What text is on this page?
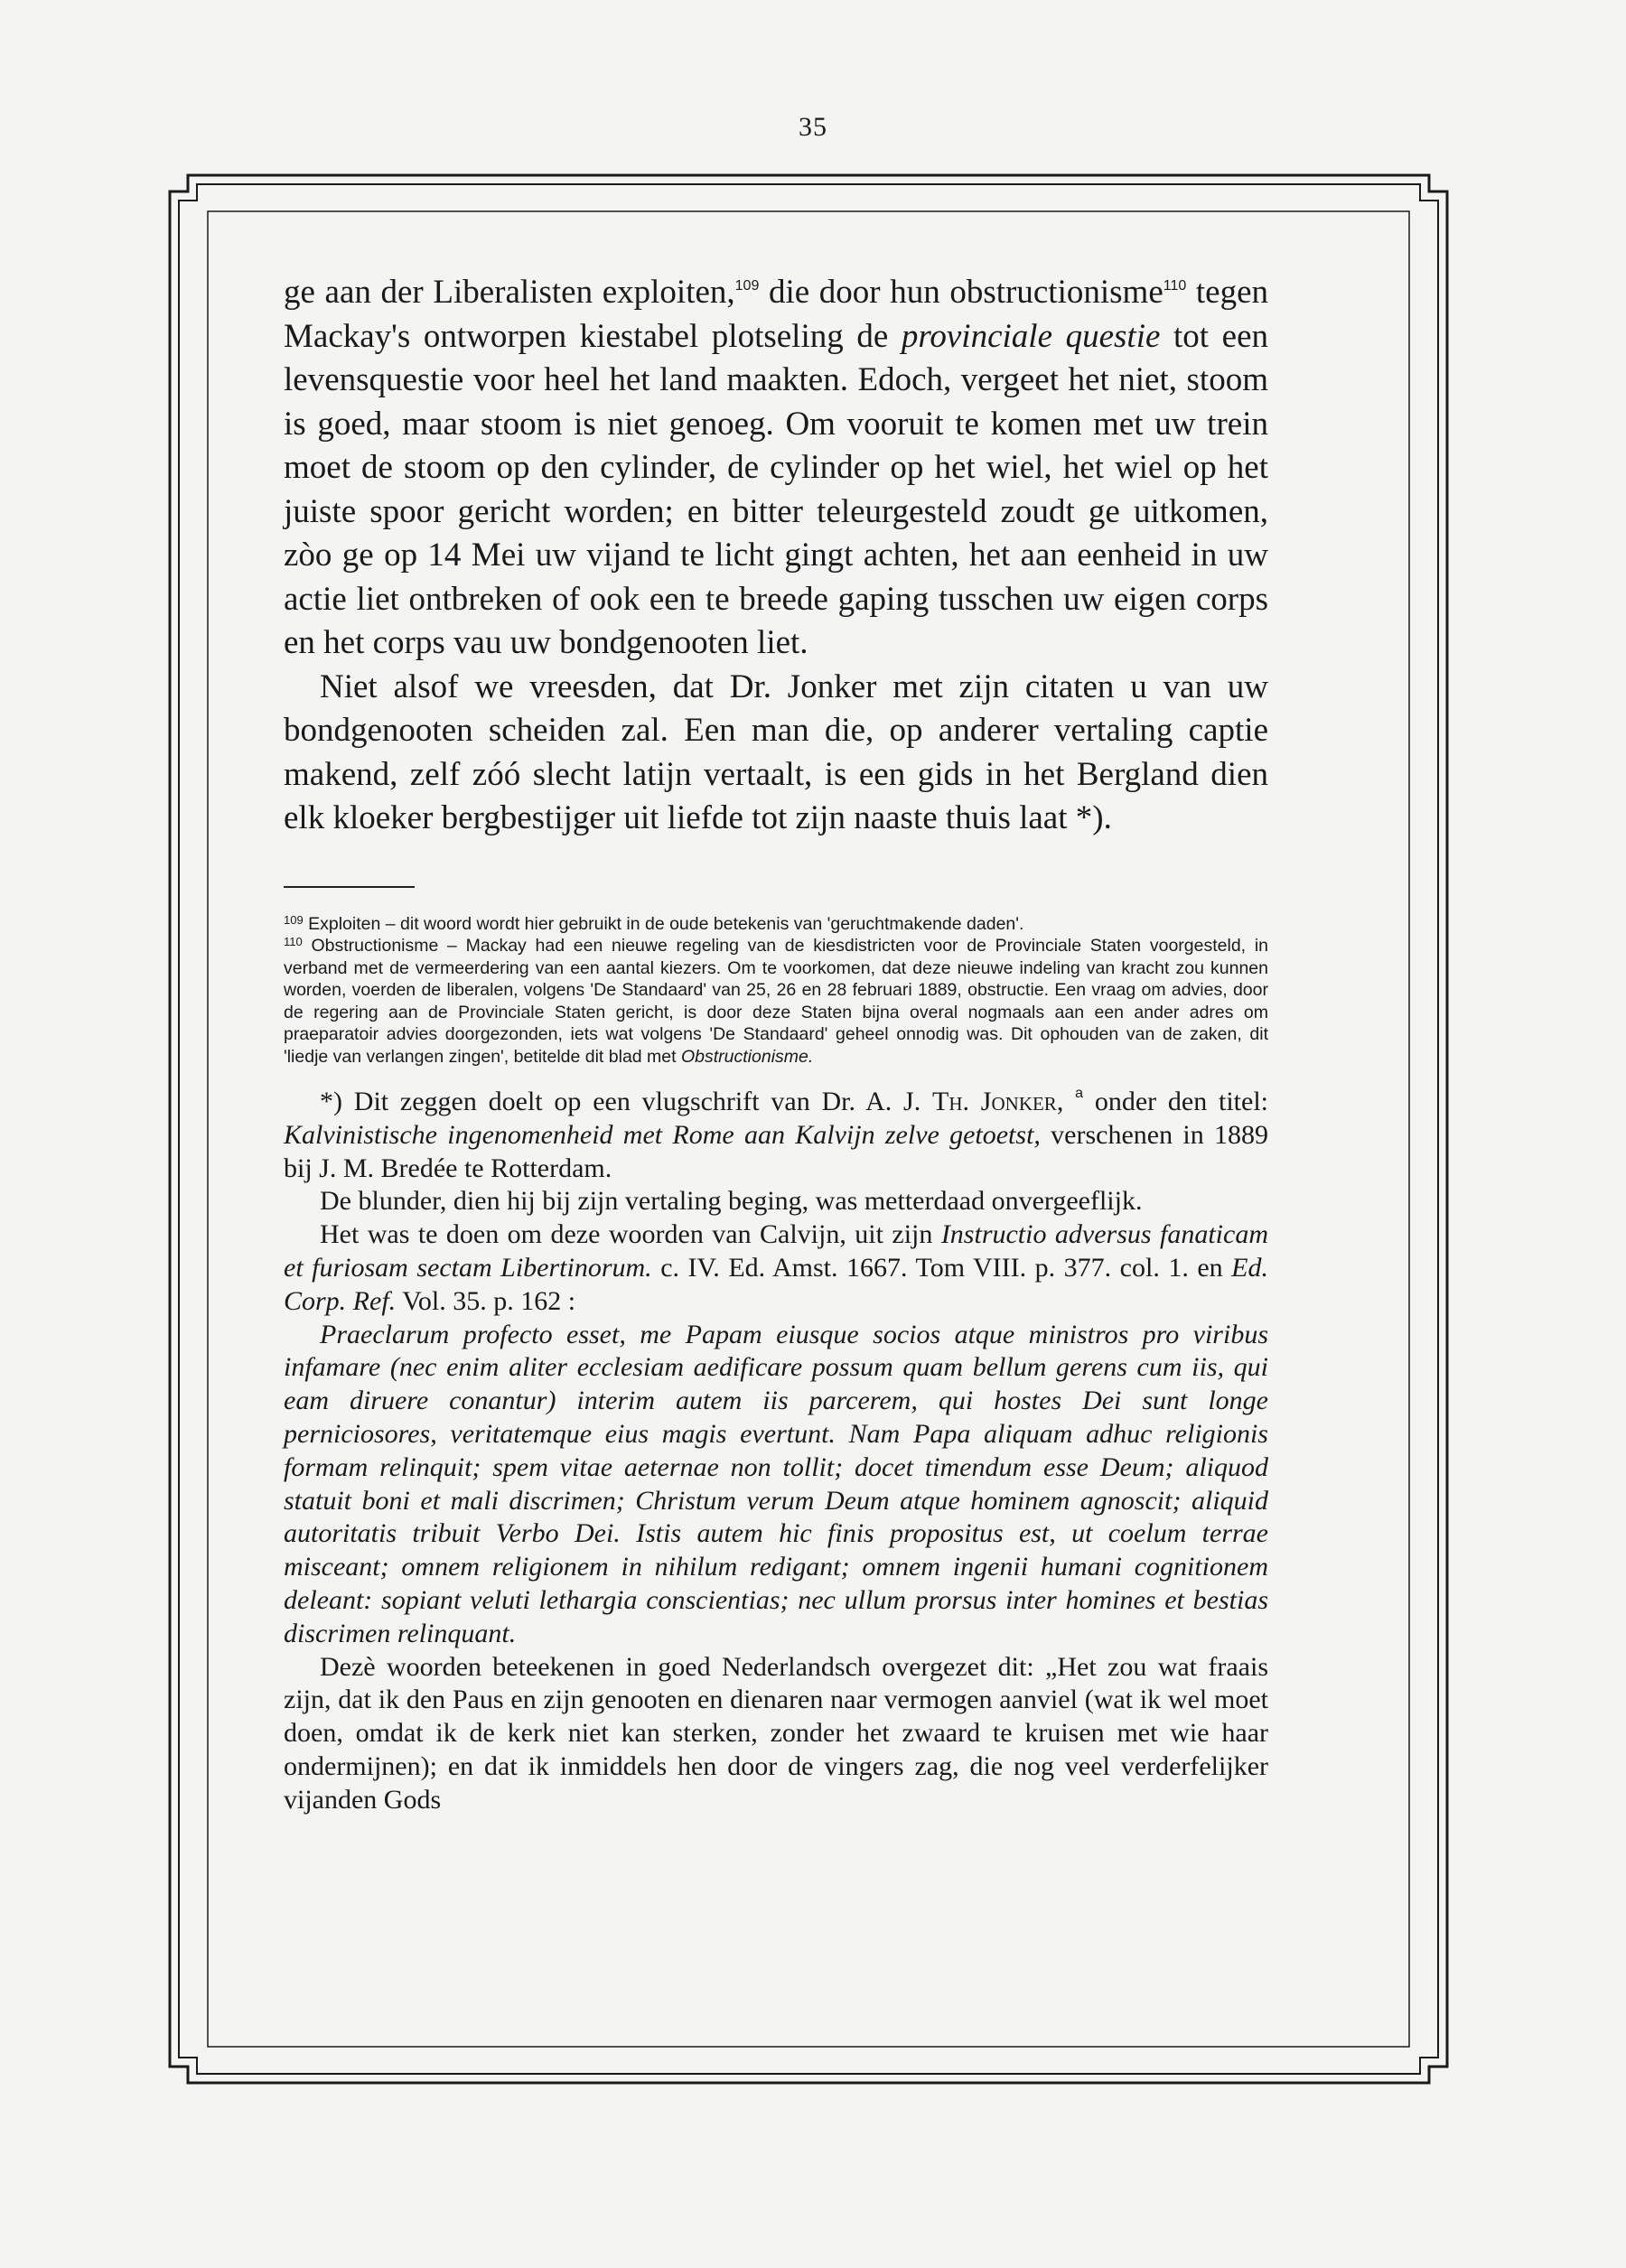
35

ge aan der Liberalisten exploiten,$^{109}$ die door hun obstructionisme$^{110}$ tegen Mackay's ontworpen kiestabel plotseling de provinciale questie tot een levensquestie voor heel het land maakten. Edoch, vergeet het niet, stoom is goed, maar stoom is niet genoeg. Om vooruit te komen met uw trein moet de stoom op den cylinder, de cylinder op het wiel, het wiel op het juiste spoor gericht worden; en bitter teleurgesteld zoudt ge uitkomen, zòo ge op 14 Mei uw vijand te licht gingt achten, het aan eenheid in uw actie liet ontbreken of ook een te breede gaping tusschen uw eigen corps en het corps vau uw bondgenooten liet.

Niet alsof we vreesden, dat Dr. Jonker met zijn citaten u van uw bondgenooten scheiden zal. Een man die, op anderer vertaling captie makend, zelf zóó slecht latijn vertaalt, is een gids in het Bergland dien elk kloeker bergbestijger uit liefde tot zijn naaste thuis laat *).

$^{109}$ Exploiten – dit woord wordt hier gebruikt in de oude betekenis van 'geruchtmakende daden'.

$^{110}$ Obstructionisme – Mackay had een nieuwe regeling van de kiesdistricten voor de Provinciale Staten voorgesteld, in verband met de vermeerdering van een aantal kiezers. Om te voorkomen, dat deze nieuwe indeling van kracht zou kunnen worden, voerden de liberalen, volgens 'De Standaard' van 25, 26 en 28 februari 1889, obstructie. Een vraag om advies, door de regering aan de Provinciale Staten gericht, is door deze Staten bijna overal nogmaals aan een ander adres om praeparatoir advies doorgezonden, iets wat volgens 'De Standaard' geheel onnodig was. Dit ophouden van de zaken, dit 'liedje van verlangen zingen', betitelde dit blad met Obstructionisme.

*) Dit zeggen doelt op een vlugschrift van Dr. A. J. Th. Jonker, $^a$ onder den titel: Kalvinistische ingenomenheid met Rome aan Kalvijn zelve getoetst, verschenen in 1889 bij J. M. Bredée te Rotterdam.

De blunder, dien hij bij zijn vertaling beging, was metterdaad onvergeeflijk.

Het was te doen om deze woorden van Calvijn, uit zijn Instructio adversus fanaticam et furiosam sectam Libertinorum. c. IV. Ed. Amst. 1667. Tom VIII. p. 377. col. 1. en Ed. Corp. Ref. Vol. 35. p. 162 :

Praeclarum profecto esset, me Papam eiusque socios atque ministros pro viribus infamare (nec enim aliter ecclesiam aedificare possum quam bellum gerens cum iis, qui eam diruere conantur) interim autem iis parcerem, qui hostes Dei sunt longe perniciosores, veritatemque eius magis evertunt. Nam Papa aliquam adhuc religionis formam relinquit; spem vitae aeternae non tollit; docet timendum esse Deum; aliquod statuit boni et mali discrimen; Christum verum Deum atque hominem agnoscit; aliquid autoritatis tribuit Verbo Dei. Istis autem hic finis propositus est, ut coelum terrae misceant; omnem religionem in nihilum redigant; omnem ingenii humani cognitionem deleant: sopiant veluti lethargia conscientias; nec ullum prorsus inter homines et bestias discrimen relinquant.

Dezè woorden beteekenen in goed Nederlandsch overgezet dit: „Het zou wat fraais zijn, dat ik den Paus en zijn genooten en dienaren naar vermogen aanviel (wat ik wel moet doen, omdat ik de kerk niet kan sterken, zonder het zwaard te kruisen met wie haar ondermijnen); en dat ik inmiddels hen door de vingers zag, die nog veel verderfelijker vijanden Gods
